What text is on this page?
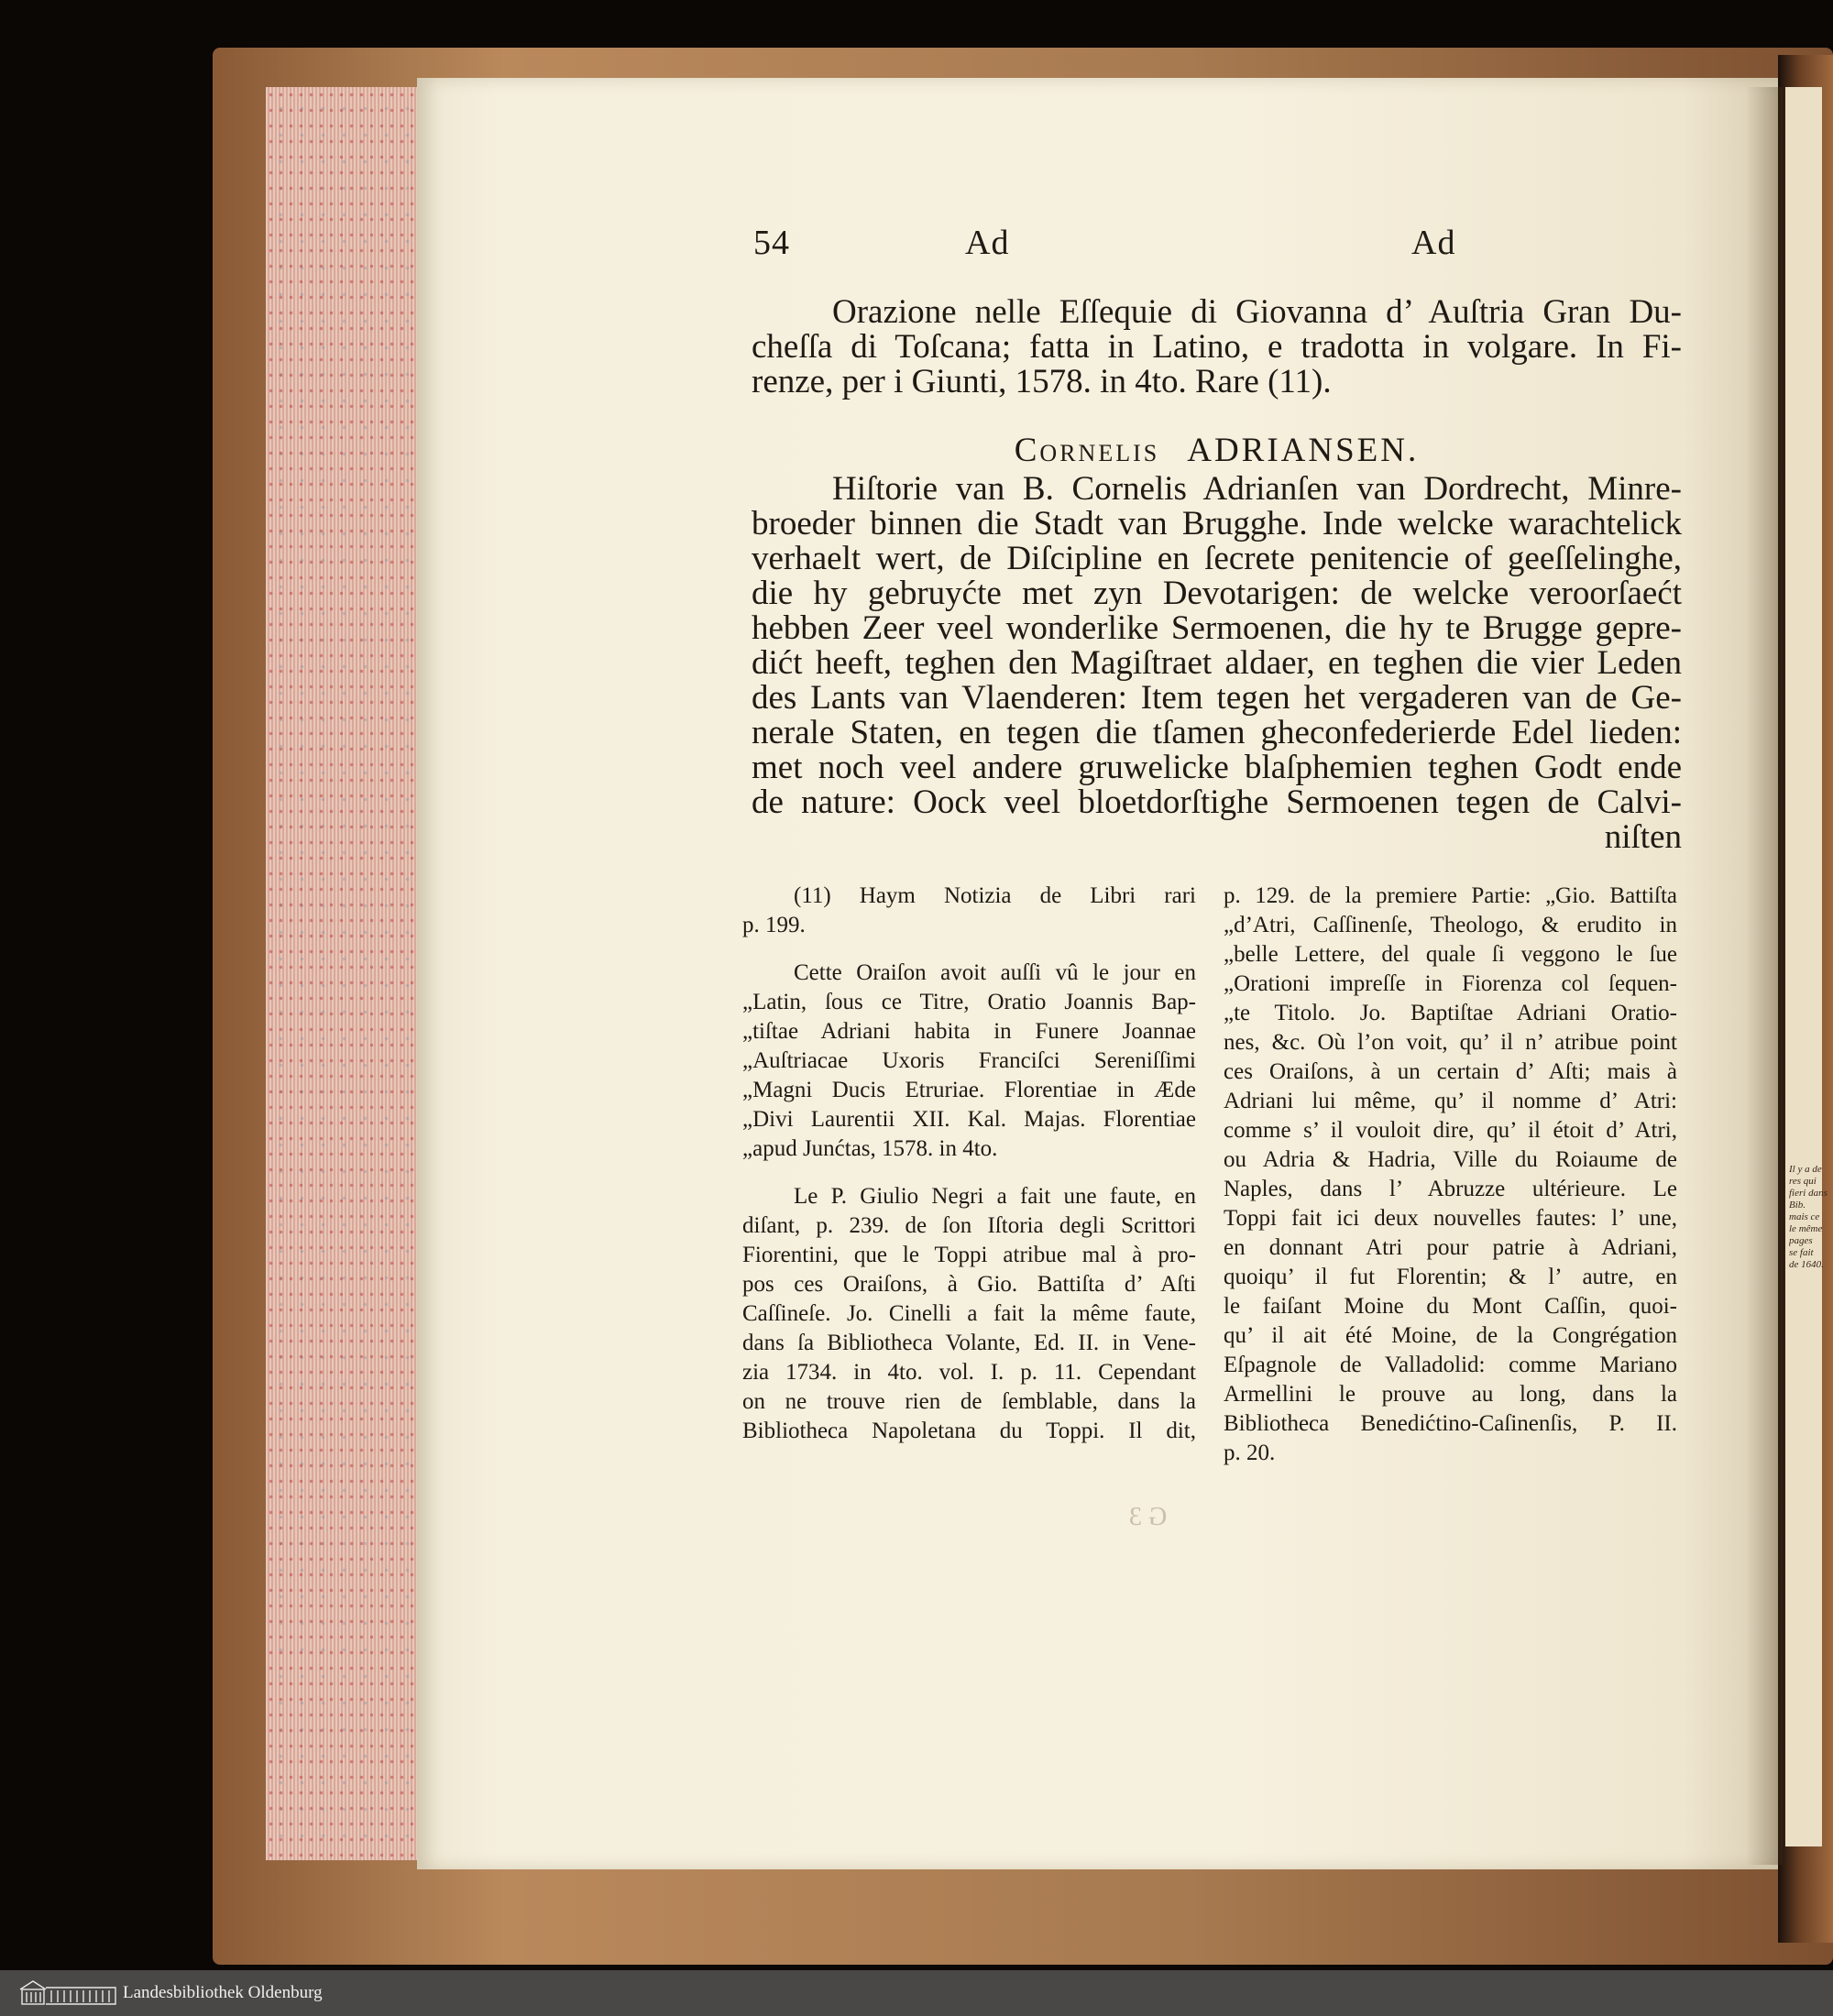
Il y a de
res qui
fieri dans
Bib.
mais ce
le même
pages
se fait
de 1640.
54	Ad	Ad
Orazione nelle Eſſequie di Giovanna d’ Auſtria Gran Du-
cheſſa di Toſcana; fatta in Latino, e tradotta in volgare. In Fi-
renze, per i Giunti, 1578. in 4to. Rare (11).
Cornelis ADRIANSEN.
Hiſtorie van B. Cornelis Adrianſen van Dordrecht, Minre-
broeder binnen die Stadt van Brugghe. Inde welcke warachtelick
verhaelt wert, de Diſcipline en ſecrete penitencie of geeſſelinghe,
die hy gebruyćte met zyn Devotarigen: de welcke veroorſaećt
hebben Zeer veel wonderlike Sermoenen, die hy te Brugge gepre-
dićt heeft, teghen den Magiſtraet aldaer, en teghen die vier Leden
des Lants van Vlaenderen: Item tegen het vergaderen van de Ge-
nerale Staten, en tegen die tſamen gheconfederierde Edel lieden:
met noch veel andere gruwelicke blaſphemien teghen Godt ende
de nature: Oock veel bloetdorſtighe Sermoenen tegen de Calvi-
niſten
(11) Haym Notizia de Libri rari
p. 199.
Cette Oraiſon avoit auſſi vû le jour en
„Latin, ſous ce Titre, Oratio Joannis Bap-
„tiſtae Adriani habita in Funere Joannae
„Auſtriacae Uxoris Franciſci Sereniſſimi
„Magni Ducis Etruriae. Florentiae in Æde
„Divi Laurentii XII. Kal. Majas. Florentiae
„apud Junćtas, 1578. in 4to.
Le P. Giulio Negri a fait une faute, en
diſant, p. 239. de ſon Iſtoria degli Scrittori
Fiorentini, que le Toppi atribue mal à pro-
pos ces Oraiſons, à Gio. Battiſta d’ Aſti
Caſſineſe. Jo. Cinelli a fait la même faute,
dans ſa Bibliotheca Volante, Ed. II. in Vene-
zia 1734. in 4to. vol. I. p. 11. Cependant
on ne trouve rien de ſemblable, dans la
Bibliotheca Napoletana du Toppi. Il dit,
p. 129. de la premiere Partie: „Gio. Battiſta
„d’Atri, Caſſinenſe, Theologo, & erudito in
„belle Lettere, del quale ſi veggono le ſue
„Orationi impreſſe in Fiorenza col ſequen-
„te Titolo. Jo. Baptiſtae Adriani Oratio-
nes, &c. Où l’on voit, qu’ il n’ atribue point
ces Oraiſons, à un certain d’ Aſti; mais à
Adriani lui même, qu’ il nomme d’ Atri:
comme s’ il vouloit dire, qu’ il étoit d’ Atri,
ou Adria & Hadria, Ville du Roiaume de
Naples, dans l’ Abruzze ultérieure. Le
Toppi fait ici deux nouvelles fautes: l’ une,
en donnant Atri pour patrie à Adriani,
quoiqu’ il fut Florentin; & l’ autre, en
le faiſant Moine du Mont Caſſin, quoi-
qu’ il ait été Moine, de la Congrégation
Eſpagnole de Valladolid: comme Mariano
Armellini le prouve au long, dans la
Bibliotheca Benedićtino-Caſinenſis, P. II.
p. 20.
G 3
Landesbibliothek Oldenburg
